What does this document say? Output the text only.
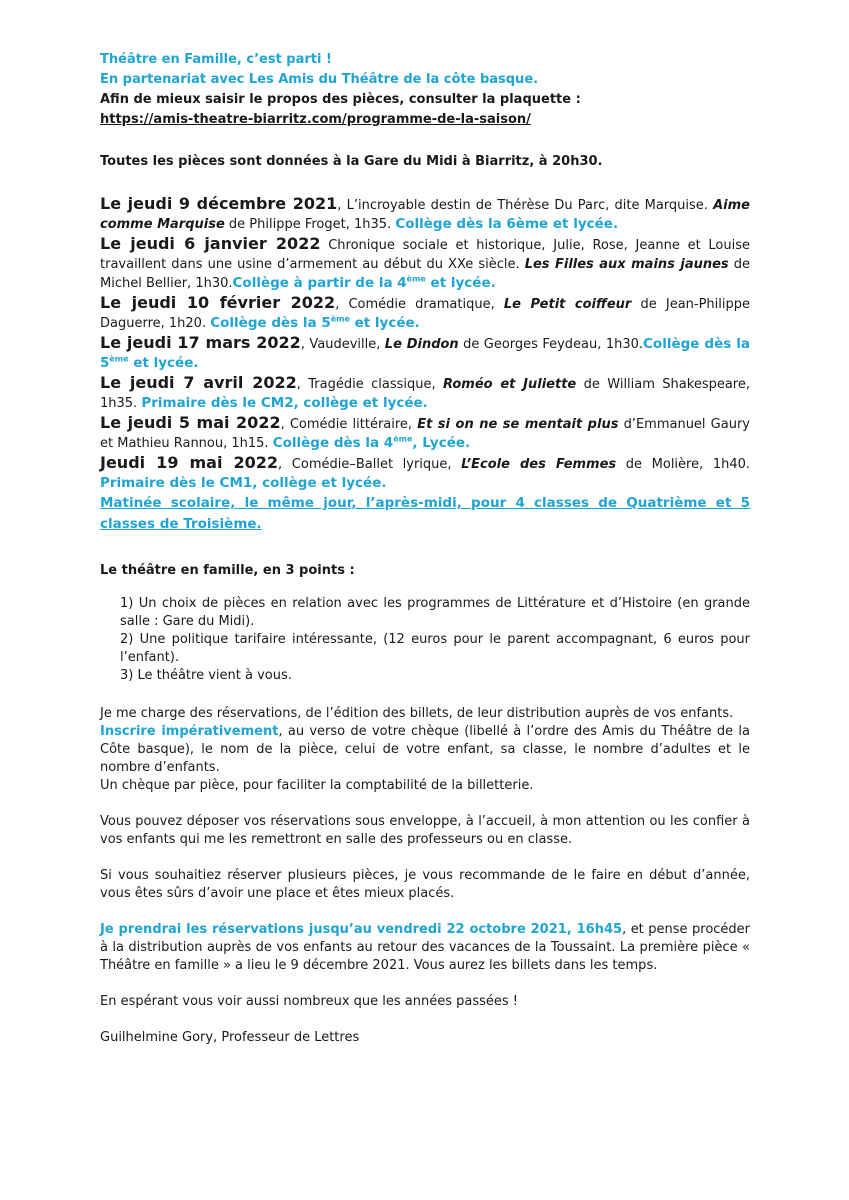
Théâtre en Famille, c’est parti !
En partenariat avec Les Amis du Théâtre de la côte basque.
Afin de mieux saisir le propos des pièces, consulter la plaquette :
https://amis-theatre-biarritz.com/programme-de-la-saison/
Toutes les pièces sont données à la Gare du Midi à Biarritz, à 20h30.

Le jeudi 9 décembre 2021, L’incroyable destin de Thérèse Du Parc, dite Marquise. Aime comme Marquise de Philippe Froget, 1h35. Collège dès la 6ème et lycée.

Le jeudi 6 janvier 2022 Chronique sociale et historique, Julie, Rose, Jeanne et Louise travaillent dans une usine d’armement au début du XXe siècle. Les Filles aux mains jaunes de Michel Bellier, 1h30.Collège à partir de la 4ème et lycée.

Le jeudi 10 février 2022, Comédie dramatique, Le Petit coiffeur de Jean-Philippe Daguerre, 1h20. Collège dès la 5ème et lycée.

Le jeudi 17 mars 2022, Vaudeville, Le Dindon de Georges Feydeau, 1h30.Collège dès la 5ème et lycée.

Le jeudi 7 avril 2022, Tragédie classique, Roméo et Juliette de William Shakespeare, 1h35. Primaire dès le CM2, collège et lycée.

Le jeudi 5 mai 2022, Comédie littéraire, Et si on ne se mentait plus d’Emmanuel Gaury et Mathieu Rannou, 1h15. Collège dès la 4ème, Lycée.

Jeudi 19 mai 2022, Comédie–Ballet lyrique, L’Ecole des Femmes de Molière, 1h40. Primaire dès le CM1, collège et lycée.

Matinée scolaire, le même jour, l’après-midi, pour 4 classes de Quatrième et 5 classes de Troisième.

Le théâtre en famille, en 3 points :

1) Un choix de pièces en relation avec les programmes de Littérature et d’Histoire (en grande salle : Gare du Midi).

2) Une politique tarifaire intéressante, (12 euros pour le parent accompagnant, 6 euros pour l’enfant).

3) Le théâtre vient à vous.

Je me charge des réservations, de l’édition des billets, de leur distribution auprès de vos enfants.

Inscrire impérativement, au verso de votre chèque (libellé à l’ordre des Amis du Théâtre de la Côte basque), le nom de la pièce, celui de votre enfant, sa classe, le nombre d’adultes et le nombre d’enfants.

Un chèque par pièce, pour faciliter la comptabilité de la billetterie.

Vous pouvez déposer vos réservations sous enveloppe, à l’accueil, à mon attention ou les confier à vos enfants qui me les remettront en salle des professeurs ou en classe.

Si vous souhaitiez réserver plusieurs pièces, je vous recommande de le faire en début d’année, vous êtes sûrs d’avoir une place et êtes mieux placés.

Je prendrai les réservations jusqu’au vendredi 22 octobre 2021, 16h45, et pense procéder à la distribution auprès de vos enfants au retour des vacances de la Toussaint. La première pièce « Théâtre en famille » a lieu le 9 décembre 2021. Vous aurez les billets dans les temps.

En espérant vous voir aussi nombreux que les années passées !

Guilhelmine Gory, Professeur de Lettres
